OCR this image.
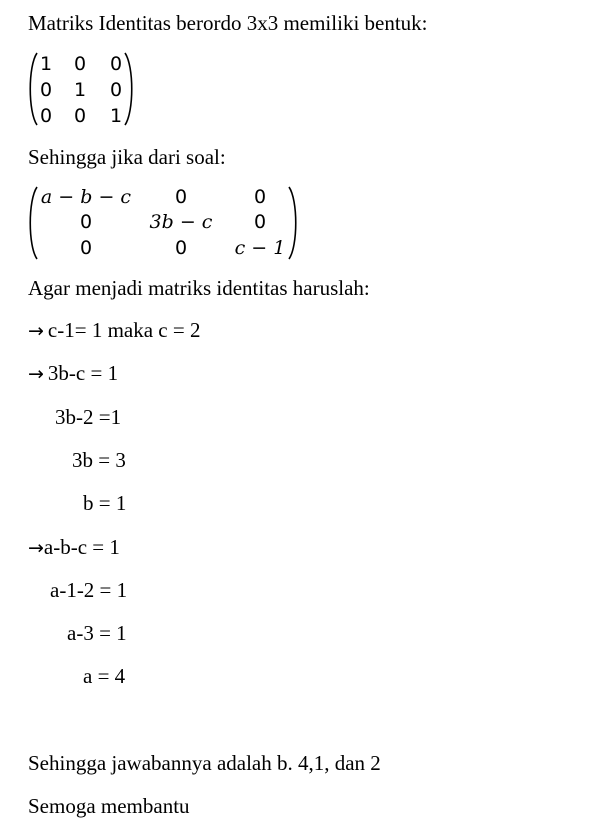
Matriks Identitas berordo 3x3 memiliki bentuk:
1 0 0
0 1 0
0 0 1
Sehingga jika dari soal:
a − b − c	0	0
0	3b − c	0
0	0	c − 1
Agar menjadi matriks identitas haruslah:
→ c-1= 1 maka c = 2
→ 3b-c = 1
3b-2 =1
3b = 3
b = 1
→a-b-c = 1
a-1-2 = 1
a-3 = 1
a = 4
Sehingga jawabannya adalah b. 4,1, dan 2
Semoga membantu
